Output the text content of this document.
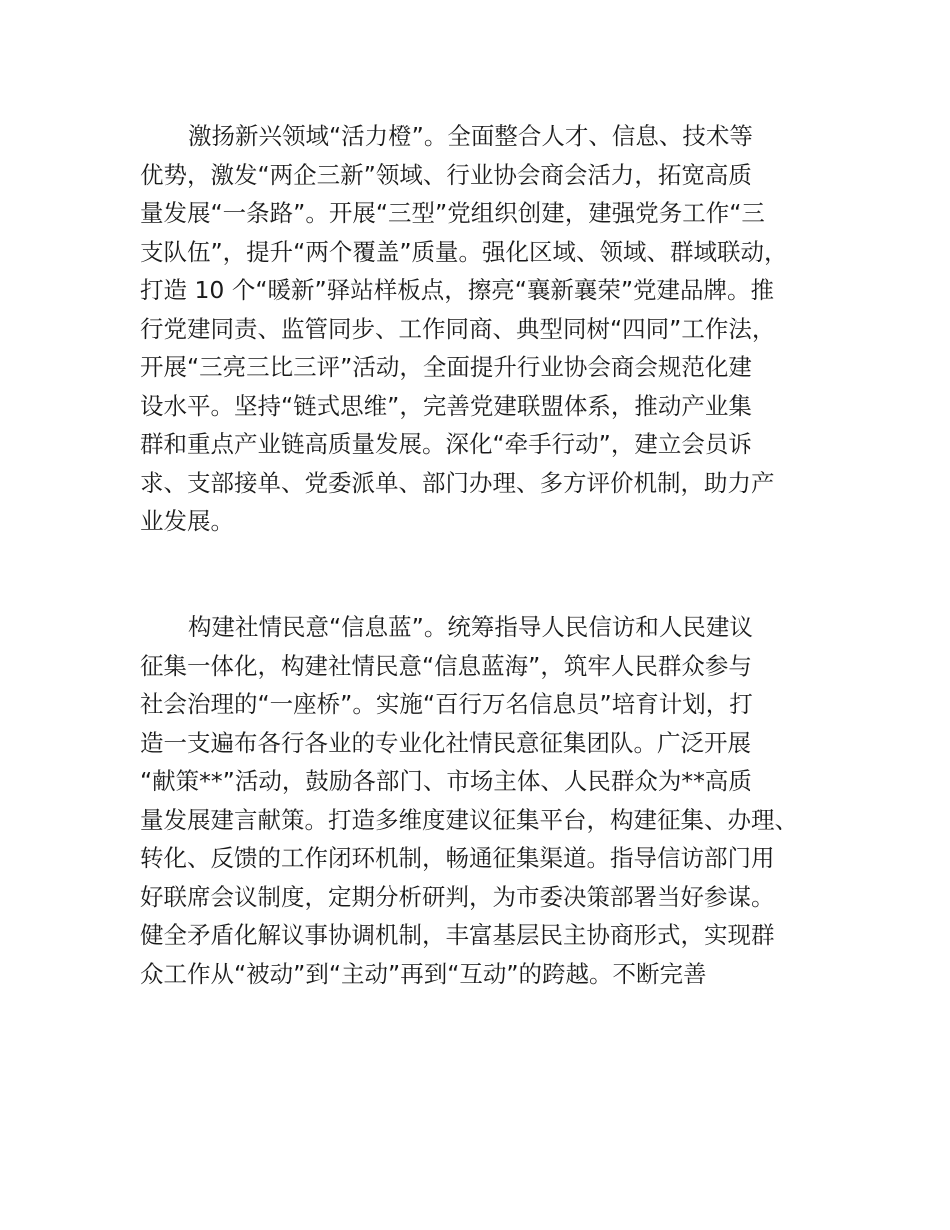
激扬新兴领域“活力橙”。全面整合人才、信息、技术等
优势，激发“两企三新”领域、行业协会商会活力，拓宽高质
量发展“一条路”。开展“三型”党组织创建，建强党务工作“三
支队伍”，提升“两个覆盖”质量。强化区域、领域、群域联动，
打造 10 个“暖新”驿站样板点，擦亮“襄新襄荣”党建品牌。推
行党建同责、监管同步、工作同商、典型同树“四同”工作法，
开展“三亮三比三评”活动，全面提升行业协会商会规范化建
设水平。坚持“链式思维”，完善党建联盟体系，推动产业集
群和重点产业链高质量发展。深化“牵手行动”，建立会员诉
求、支部接单、党委派单、部门办理、多方评价机制，助力产
业发展。

构建社情民意“信息蓝”。统筹指导人民信访和人民建议
征集一体化，构建社情民意“信息蓝海”，筑牢人民群众参与
社会治理的“一座桥”。实施“百行万名信息员”培育计划，打
造一支遍布各行各业的专业化社情民意征集团队。广泛开展
“献策**”活动，鼓励各部门、市场主体、人民群众为**高质
量发展建言献策。打造多维度建议征集平台，构建征集、办理、
转化、反馈的工作闭环机制，畅通征集渠道。指导信访部门用
好联席会议制度，定期分析研判，为市委决策部署当好参谋。
健全矛盾化解议事协调机制，丰富基层民主协商形式，实现群
众工作从“被动”到“主动”再到“互动”的跨越。不断完善
